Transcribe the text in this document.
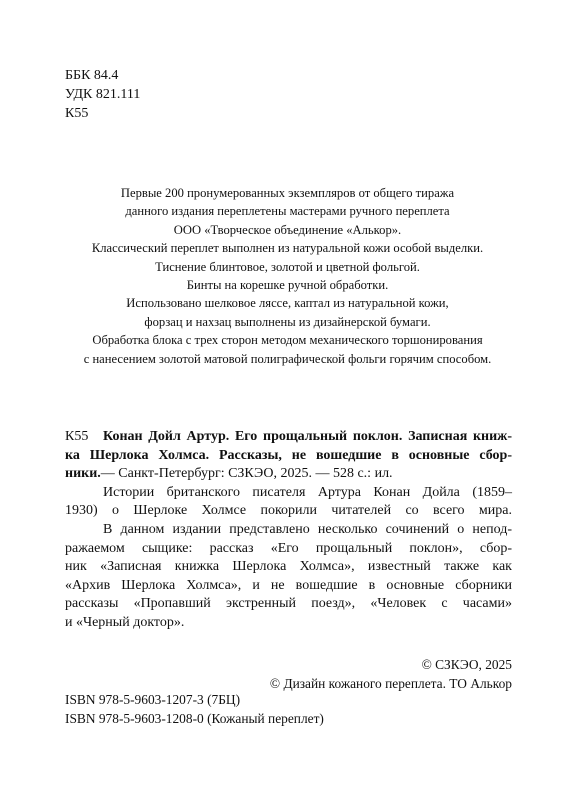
ББК 84.4
УДК 821.111
К55
Первые 200 пронумерованных экземпляров от общего тиража
данного издания переплетены мастерами ручного переплета
ООО «Творческое объединение «Алькор».
Классический переплет выполнен из натуральной кожи особой выделки.
Тиснение блинтовое, золотой и цветной фольгой.
Бинты на корешке ручной обработки.
Использовано шелковое ляссе, каптал из натуральной кожи,
форзац и нахзац выполнены из дизайнерской бумаги.
Обработка блока с трех сторон методом механического торшонирования
с нанесением золотой матовой полиграфической фольги горячим способом.
К55 Конан Дойл Артур. Его прощальный поклон. Записная книж-
ка Шерлока Холмса. Рассказы, не вошедшие в основные сбор-
ники.— Санкт-Петербург: СЗКЭО, 2025. — 528 с.: ил.
Истории британского писателя Артура Конан Дойла (1859–
1930) о Шерлоке Холмсе покорили читателей со всего мира.
В данном издании представлено несколько сочинений о непод-
ражаемом сыщике: рассказ «Его прощальный поклон», сбор-
ник «Записная книжка Шерлока Холмса», известный также как
«Архив Шерлока Холмса», и не вошедшие в основные сборники
рассказы «Пропавший экстренный поезд», «Человек с часами»
и «Черный доктор».
© СЗКЭО, 2025
© Дизайн кожаного переплета. ТО Алькор
ISBN 978-5-9603-1207-3 (7БЦ)
ISBN 978-5-9603-1208-0 (Кожаный переплет)
